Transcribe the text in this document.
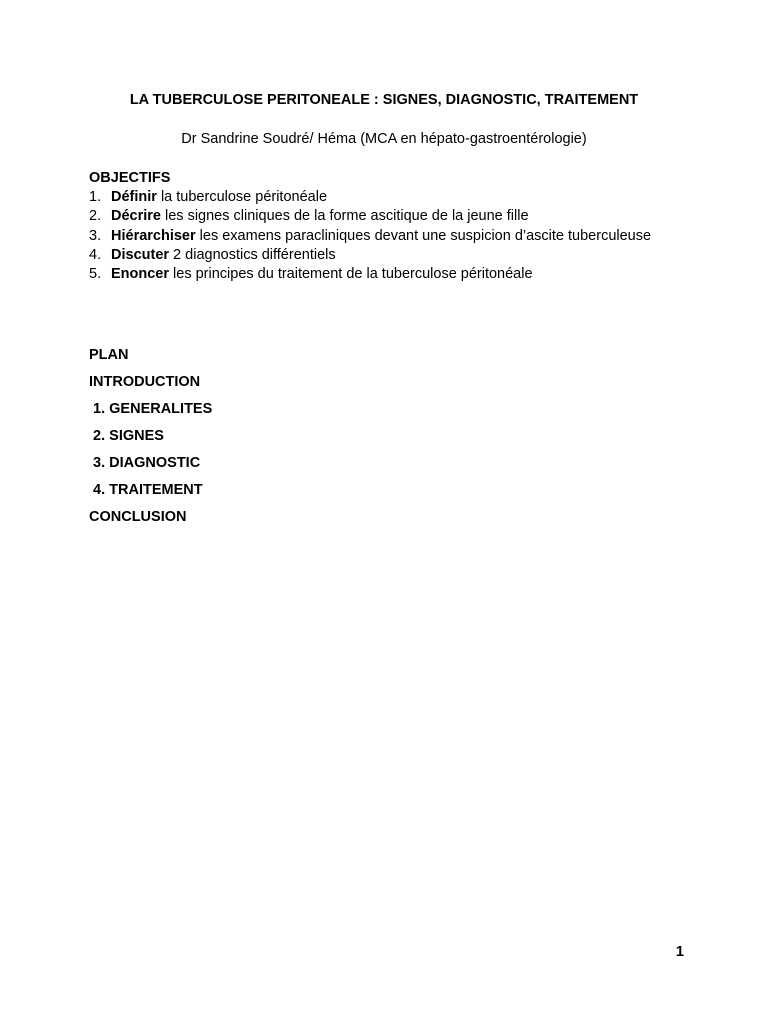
LA TUBERCULOSE PERITONEALE : SIGNES, DIAGNOSTIC, TRAITEMENT
Dr Sandrine Soudré/ Héma (MCA en hépato-gastroentérologie)
OBJECTIFS
1. Définir la tuberculose péritonéale
2. Décrire les signes cliniques de la forme ascitique de la jeune fille
3. Hiérarchiser les examens paracliniques devant une suspicion d’ascite tuberculeuse
4. Discuter 2 diagnostics différentiels
5. Enoncer les principes du traitement de la tuberculose péritonéale
PLAN
INTRODUCTION
1. GENERALITES
2. SIGNES
3. DIAGNOSTIC
4. TRAITEMENT
CONCLUSION
1
